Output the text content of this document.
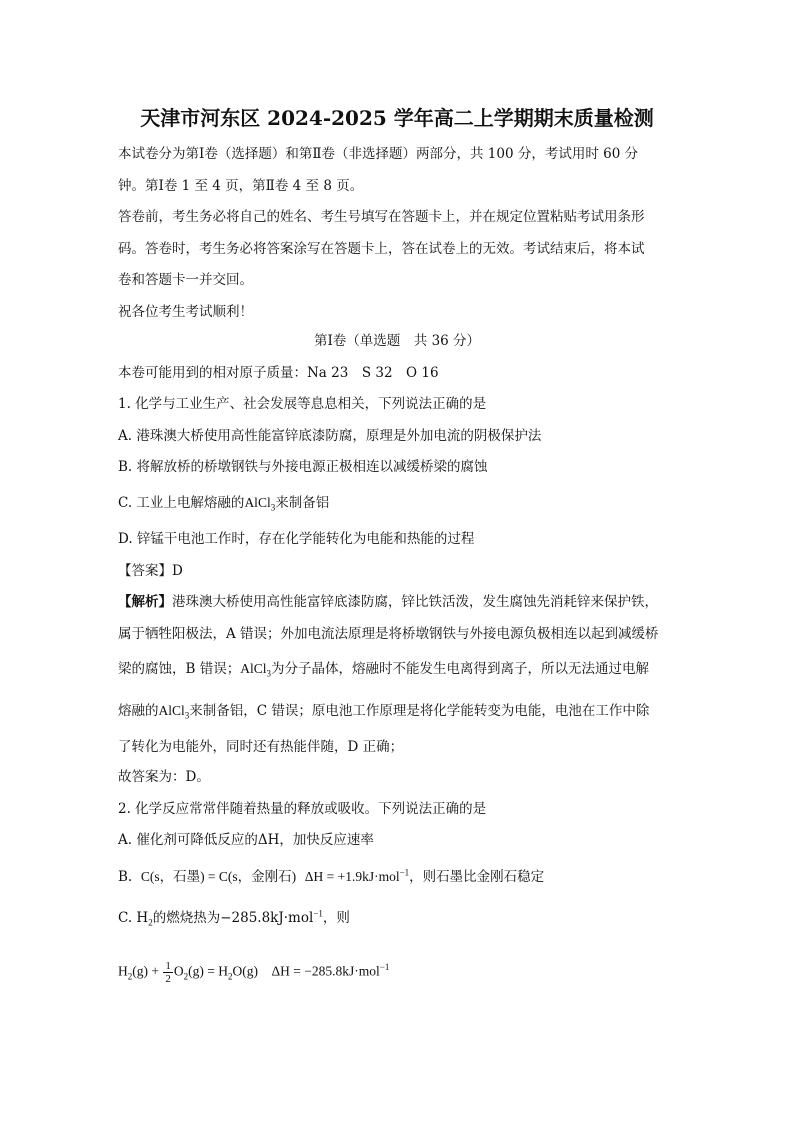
天津市河东区 2024-2025 学年高二上学期期末质量检测
本试卷分为第Ⅰ卷（选择题）和第Ⅱ卷（非选择题）两部分，共 100 分，考试用时 60 分
钟。第Ⅰ卷 1 至 4 页，第Ⅱ卷 4 至 8 页。
答卷前，考生务必将自己的姓名、考生号填写在答题卡上，并在规定位置粘贴考试用条形
码。答卷时，考生务必将答案涂写在答题卡上，答在试卷上的无效。考试结束后，将本试
卷和答题卡一并交回。
祝各位考生考试顺利！
第Ⅰ卷（单选题　共 36 分）
本卷可能用到的相对原子质量：Na 23　S 32　O 16
1. 化学与工业生产、社会发展等息息相关，下列说法正确的是
A. 港珠澳大桥使用高性能富锌底漆防腐，原理是外加电流的阴极保护法
B. 将解放桥的桥墩钢铁与外接电源正极相连以减缓桥梁的腐蚀
C. 工业上电解熔融的AlCl$_3$来制备铝
D. 锌锰干电池工作时，存在化学能转化为电能和热能的过程
【答案】D
【解析】港珠澳大桥使用高性能富锌底漆防腐，锌比铁活泼，发生腐蚀先消耗锌来保护铁，
属于牺牲阳极法，A 错误；外加电流法原理是将桥墩钢铁与外接电源负极相连以起到减缓桥
梁的腐蚀，B 错误；AlCl$_3$为分子晶体，熔融时不能发生电离得到离子，所以无法通过电解
熔融的AlCl$_3$来制备铝，C 错误；原电池工作原理是将化学能转变为电能，电池在工作中除
了转化为电能外，同时还有热能伴随，D 正确；
故答案为：D。
2. 化学反应常常伴随着热量的释放或吸收。下列说法正确的是
A. 催化剂可降低反应的ΔH，加快反应速率
B. C(s，石墨) = C(s，金刚石) ΔH = +1.9kJ·mol$^{-1}$，则石墨比金刚石稳定
C. $H_2$的燃烧热为−285.8kJ·mol$^{-1}$，则
$H_2(g) + \frac{1}{2} O_2(g) = H_2O(g)$　ΔH = −285.8kJ·mol$^{-1}$
